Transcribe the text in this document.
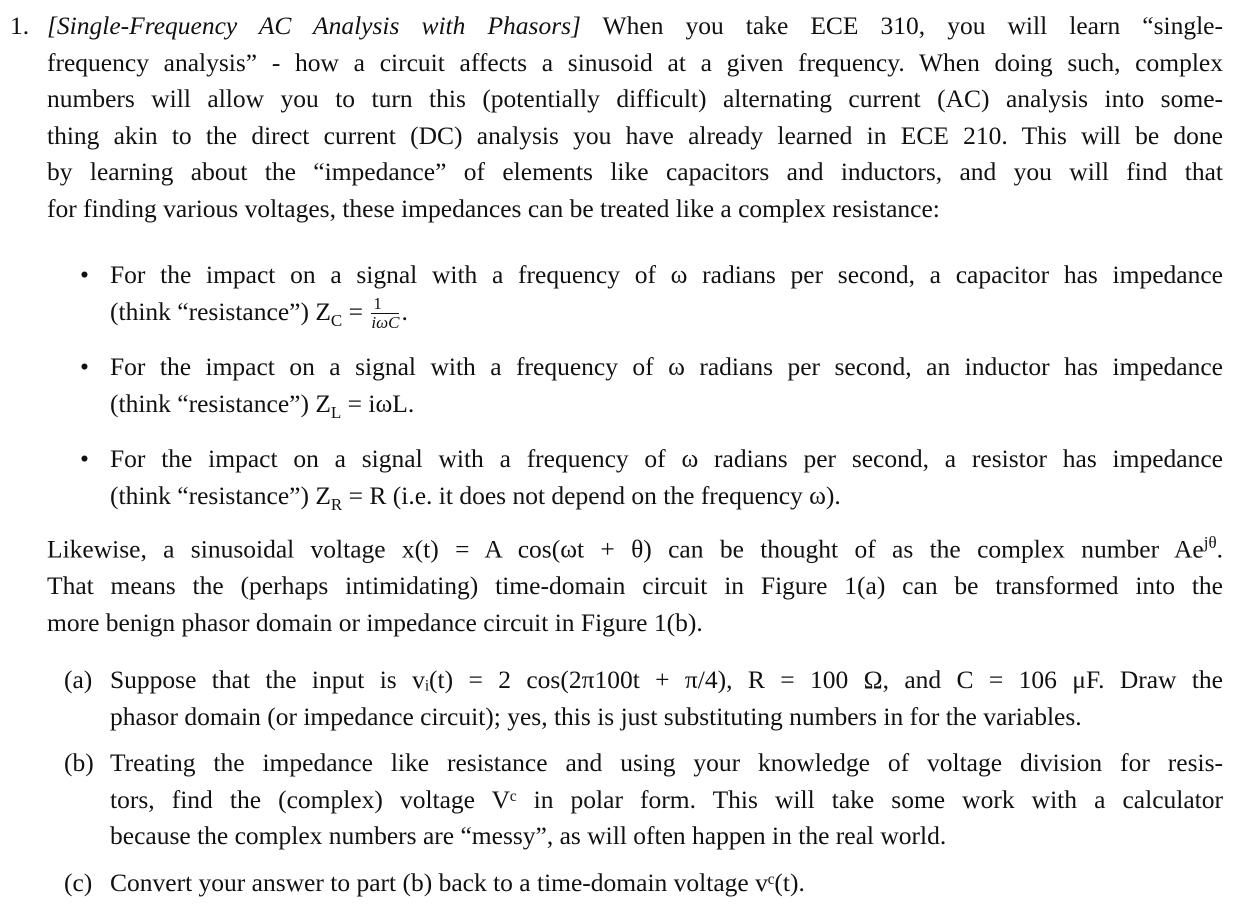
1. [Single-Frequency AC Analysis with Phasors] When you take ECE 310, you will learn “single-
frequency analysis” - how a circuit affects a sinusoid at a given frequency. When doing such, complex
numbers will allow you to turn this (potentially difficult) alternating current (AC) analysis into some-
thing akin to the direct current (DC) analysis you have already learned in ECE 210. This will be done
by learning about the “impedance” of elements like capacitors and inductors, and you will find that
for finding various voltages, these impedances can be treated like a complex resistance:
• For the impact on a signal with a frequency of ω radians per second, a capacitor has impedance
(think “resistance”) $Z_C = \frac{1}{\text{iωC}}$ .
• For the impact on a signal with a frequency of ω radians per second, an inductor has impedance
(think “resistance”) $Z_L = i\omega L$.
• For the impact on a signal with a frequency of ω radians per second, a resistor has impedance
(think “resistance”) $Z_R = R$ (i.e. it does not depend on the frequency ω).
Likewise, a sinusoidal voltage x(t) = A cos(ωt + θ) can be thought of as the complex number $Ae^{j\theta}$.
That means the (perhaps intimidating) time-domain circuit in Figure 1(a) can be transformed into the
more benign phasor domain or impedance circuit in Figure 1(b).
(a) Suppose that the input is vᵢ(t) = 2 cos(2π100t + π/4), R = 100 Ω, and C = 106 μF. Draw the
phasor domain (or impedance circuit); yes, this is just substituting numbers in for the variables.
(b) Treating the impedance like resistance and using your knowledge of voltage division for resis-
tors, find the (complex) voltage Vᶜ in polar form. This will take some work with a calculator
because the complex numbers are “messy”, as will often happen in the real world.
(c) Convert your answer to part (b) back to a time-domain voltage vᶜ(t).
